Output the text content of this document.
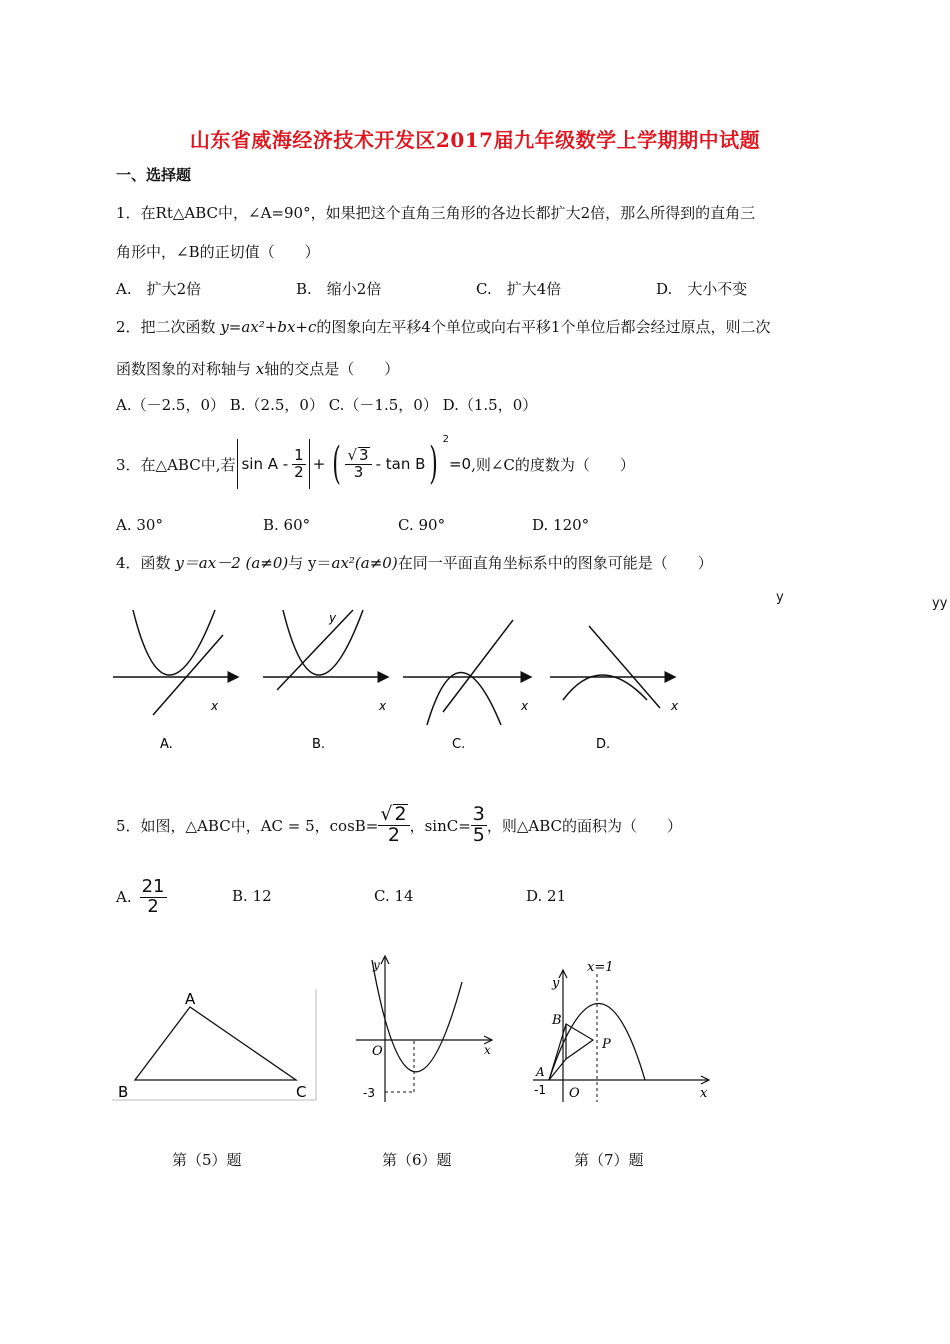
山东省威海经济技术开发区2017届九年级数学上学期期中试题
一、选择题
1．在Rt△ABC中，∠A=90°，如果把这个直角三角形的各边长都扩大2倍，那么所得到的直角三
角形中，∠B的正切值（　　）
A.　扩大2倍	B.　缩小2倍	C.　扩大4倍	D.　大小不变
2．把二次函数 y=ax²+bx+c的图象向左平移4个单位或向右平移1个单位后都会经过原点，则二次
函数图象的对称轴与 x轴的交点是（　　）
A.（－2.5，0） B.（2.5，0） C.（－1.5，0） D.（1.5，0）
3．在△ABC中,若 sin A - $\frac{1}{2}$ + ( $\frac{√ 3}{3}$ - tan B ) 2
=0 ,则∠C的度数为（　　）
A. 30°	B. 60°	C. 90°	D. 120°
4．函数 y＝ax－2 (a≠0)与 y＝ax²(a≠0)在同一平面直角坐标系中的图象可能是（　　）
y	yy
x
A.
y
x
B.
x
C.
x
D.
5．如图，△ABC中，AC = 5，$\cos B= \frac{√ 2}{2}$ ，$\sin C= \frac{3}{5}$ ，则△ABC的面积为（　　）
A. $\frac{21}{2}$	B. 12	C. 14	D. 21
A
B	C
y
x
O
-3
x=1
y
x
B
P
A
-1 O
第（5）题	第（6）题	第（7）题
